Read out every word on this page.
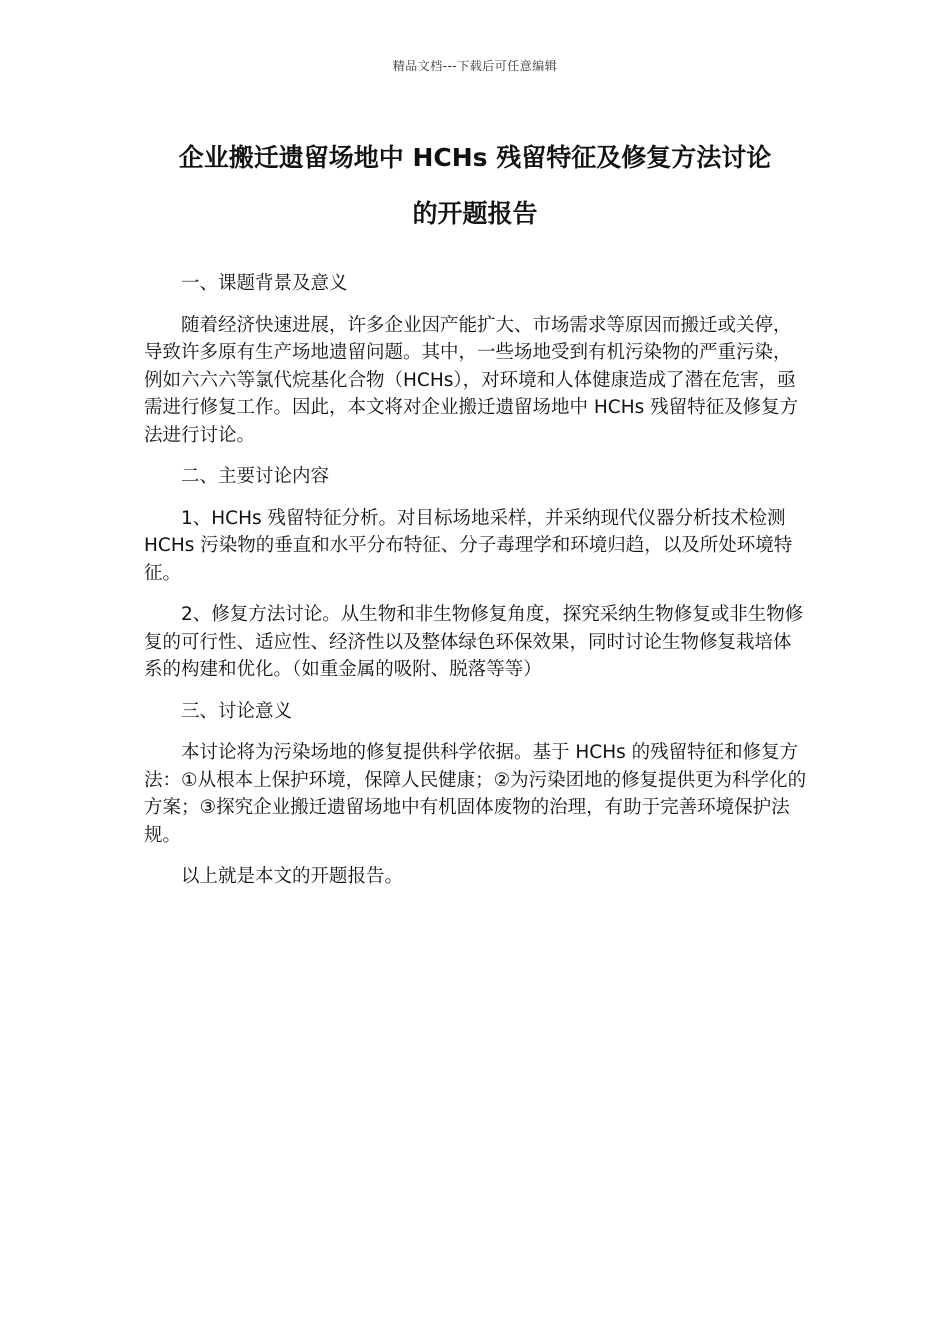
精品文档---下载后可任意编辑
企业搬迁遗留场地中 HCHs 残留特征及修复方法讨论
的开题报告

一、课题背景及意义

随着经济快速进展，许多企业因产能扩大、市场需求等原因而搬迁或关停，导致许多原有生产场地遗留问题。其中，一些场地受到有机污染物的严重污染，例如六六六等氯代烷基化合物（HCHs），对环境和人体健康造成了潜在危害，亟需进行修复工作。因此，本文将对企业搬迁遗留场地中 HCHs 残留特征及修复方法进行讨论。

二、主要讨论内容

1、HCHs 残留特征分析。对目标场地采样，并采纳现代仪器分析技术检测 HCHs 污染物的垂直和水平分布特征、分子毒理学和环境归趋，以及所处环境特征。

2、修复方法讨论。从生物和非生物修复角度，探究采纳生物修复或非生物修复的可行性、适应性、经济性以及整体绿色环保效果，同时讨论生物修复栽培体系的构建和优化。（如重金属的吸附、脱落等等）

三、讨论意义

本讨论将为污染场地的修复提供科学依据。基于 HCHs 的残留特征和修复方法：①从根本上保护环境，保障人民健康；②为污染团地的修复提供更为科学化的方案；③探究企业搬迁遗留场地中有机固体废物的治理，有助于完善环境保护法规。

以上就是本文的开题报告。
